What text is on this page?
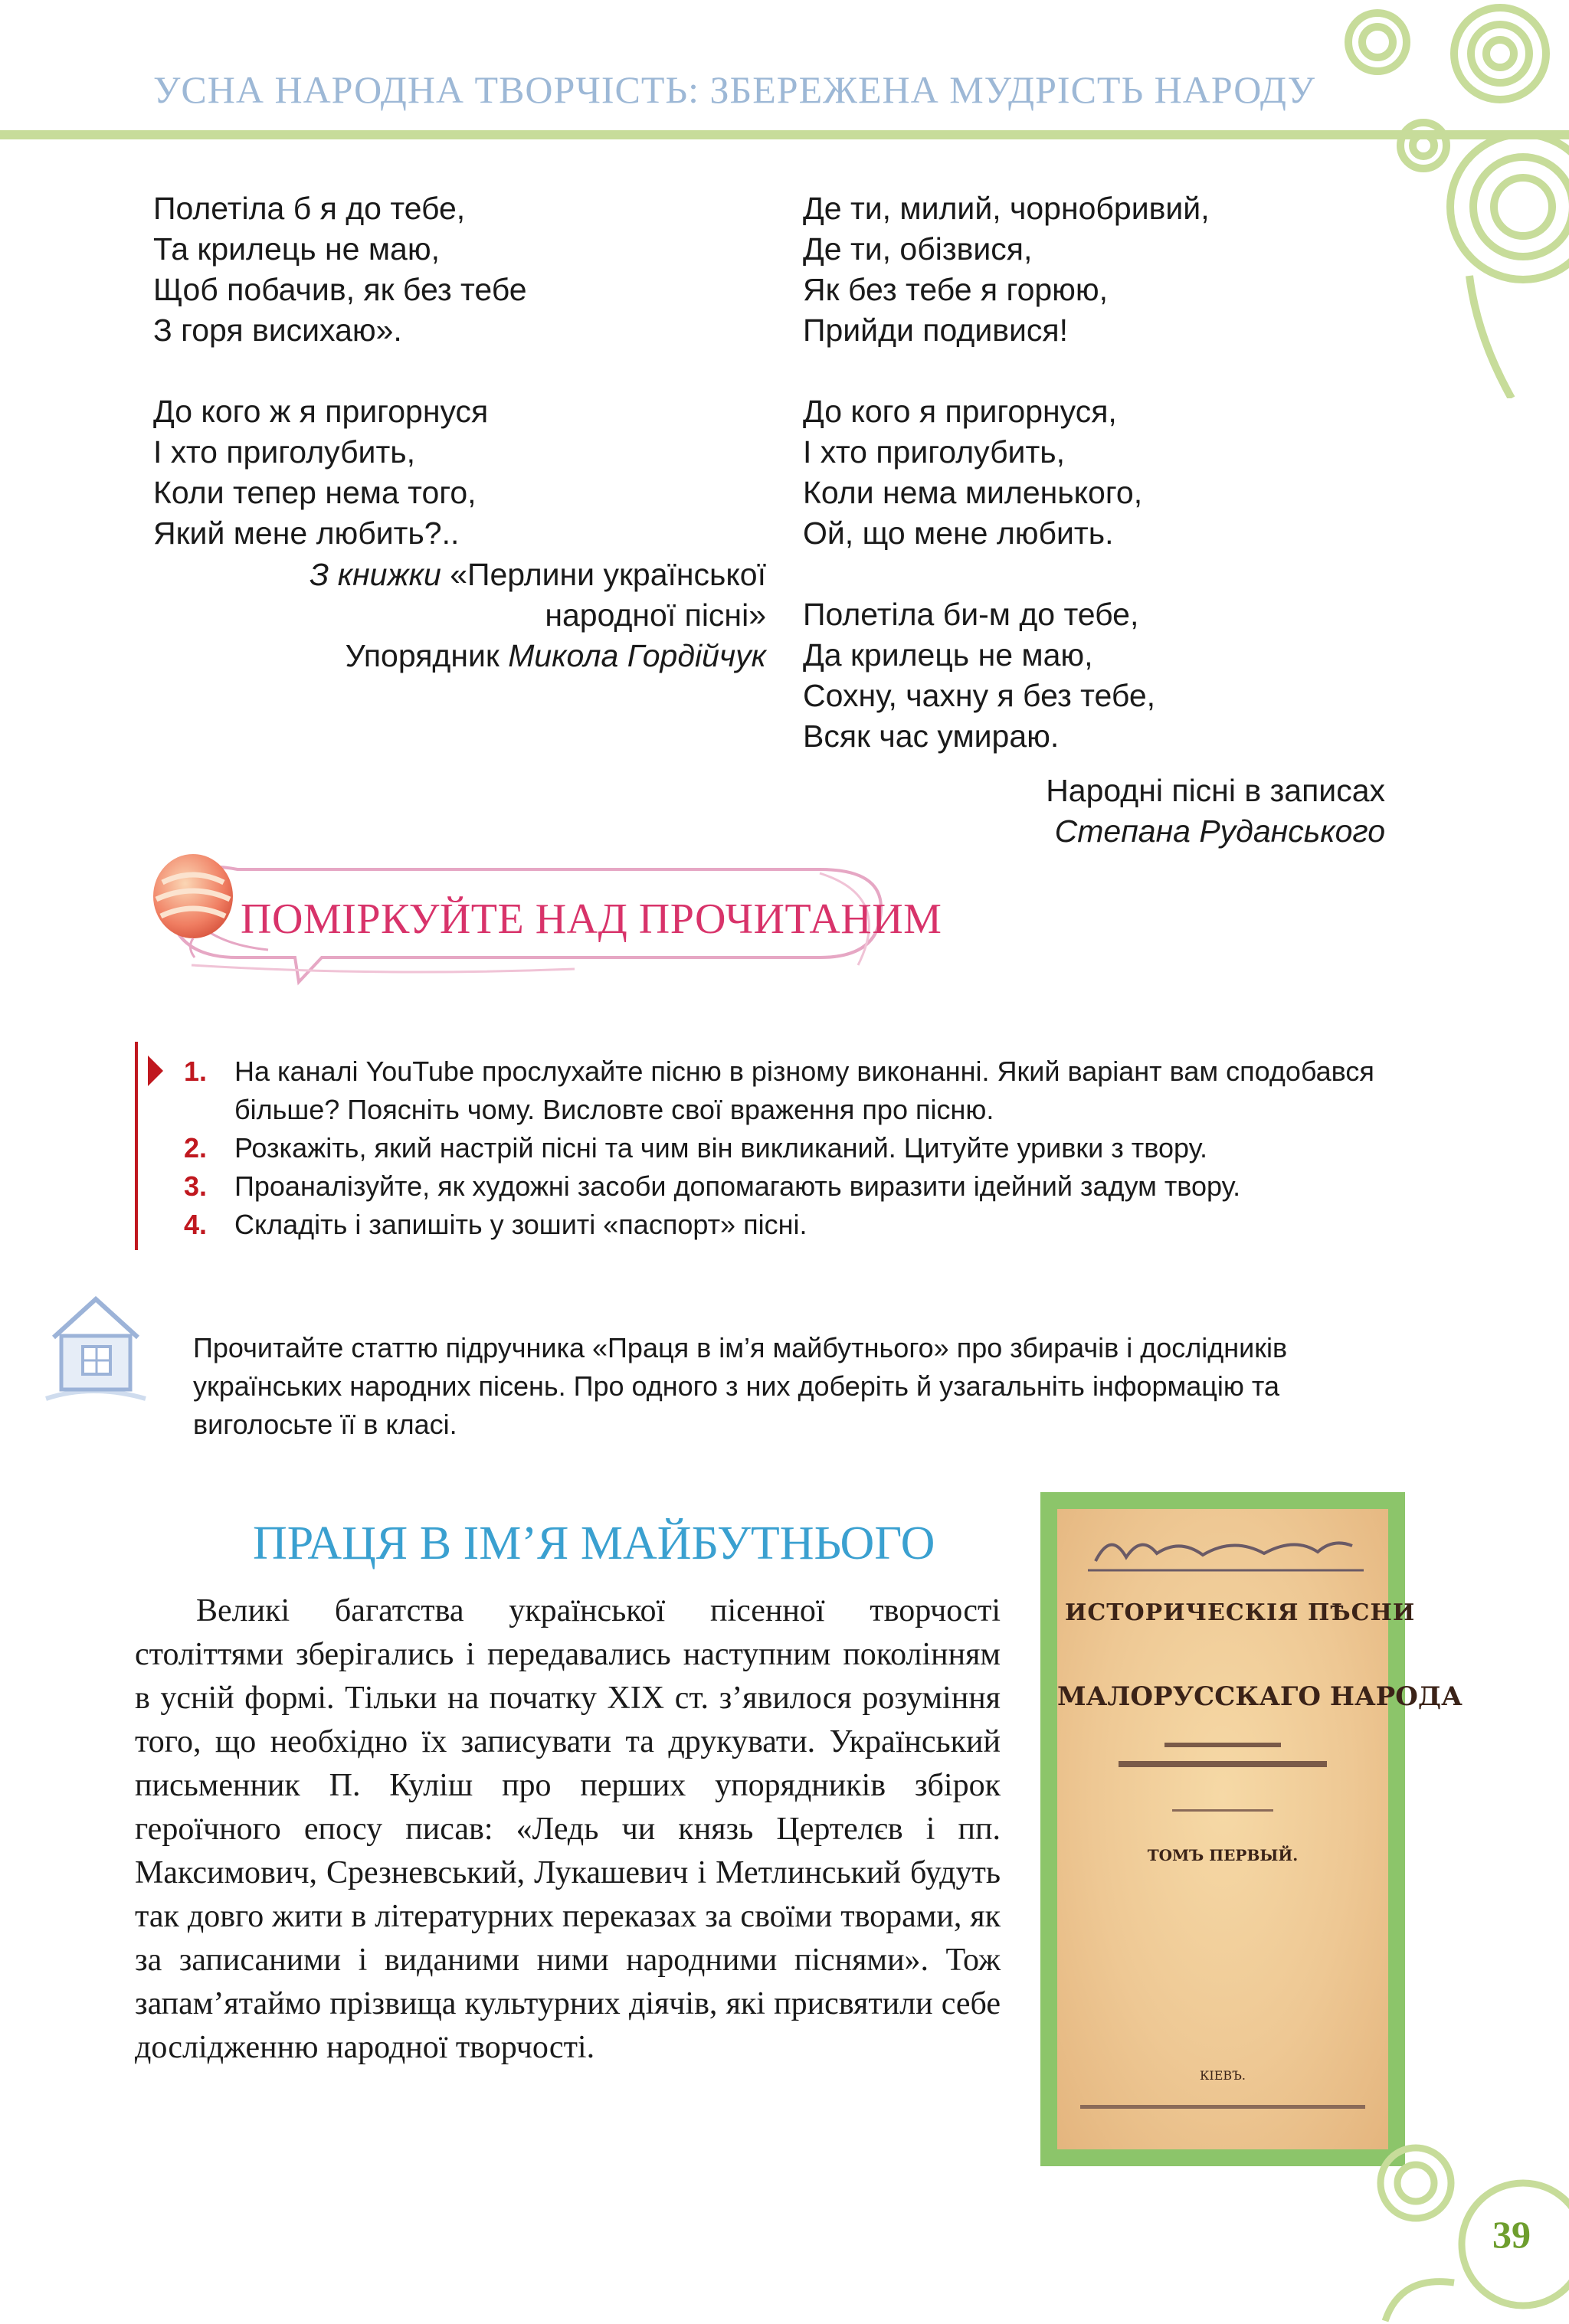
УСНА НАРОДНА ТВОРЧІСТЬ: ЗБЕРЕЖЕНА МУДРІСТЬ НАРОДУ
Полетіла б я до тебе,
Та крилець не маю,
Щоб побачив, як без тебе
З горя висихаю».
До кого ж я пригорнуся
І хто приголубить,
Коли тепер нема того,
Який мене любить?..
З книжки «Перлини української
народної пісні»
Упорядник Микола Гордійчук
Де ти, милий, чорнобривий,
Де ти, обізвися,
Як без тебе я горюю,
Прийди подивися!
До кого я пригорнуся,
І хто приголубить,
Коли нема миленького,
Ой, що мене любить.
Полетіла би-м до тебе,
Да крилець не маю,
Сохну, чахну я без тебе,
Всяк час умираю.
Народні пісні в записах
Степана Руданського
ПОМІРКУЙТЕ НАД ПРОЧИТАНИМ
1. На каналі YouTube прослухайте пісню в різному виконанні. Який варіант вам сподобався більше? Поясніть чому. Висловте свої враження про пісню.
2. Розкажіть, який настрій пісні та чим він викликаний. Цитуйте уривки з твору.
3. Проаналізуйте, як художні засоби допомагають виразити ідейний задум твору.
4. Складіть і запишіть у зошиті «паспорт» пісні.
Прочитайте статтю підручника «Праця в ім’я майбутнього» про збирачів і дослідників українських народних пісень. Про одного з них доберіть й узагальніть інформацію та виголосьте її в класі.
ПРАЦЯ В ІМ’Я МАЙБУТНЬОГО

Великі багатства української пісенної творчості століттями зберігались і передавались наступним поколінням в усній формі. Тільки на початку XIX ст. з’явилося розуміння того, що необхідно їх записувати та друкувати. Український письменник П. Куліш про перших упорядників збірок героїчного епосу писав: «Ледь чи князь Цертелєв і пп. Максимович, Срезневський, Лукашевич і Метлинський будуть так довго жити в літературних переказах за своїми творами, як за записаними і виданими ними народними піснями». Тож запам’ятаймо прізвища культурних діячів, які присвятили себе дослідженню народної творчості.

ИСТОРИЧЕСКІЯ ПѢСНИ
МАЛОРУССКАГО НАРОДА
ТОМЪ ПЕРВЫЙ.
КІЕВЪ.
39
